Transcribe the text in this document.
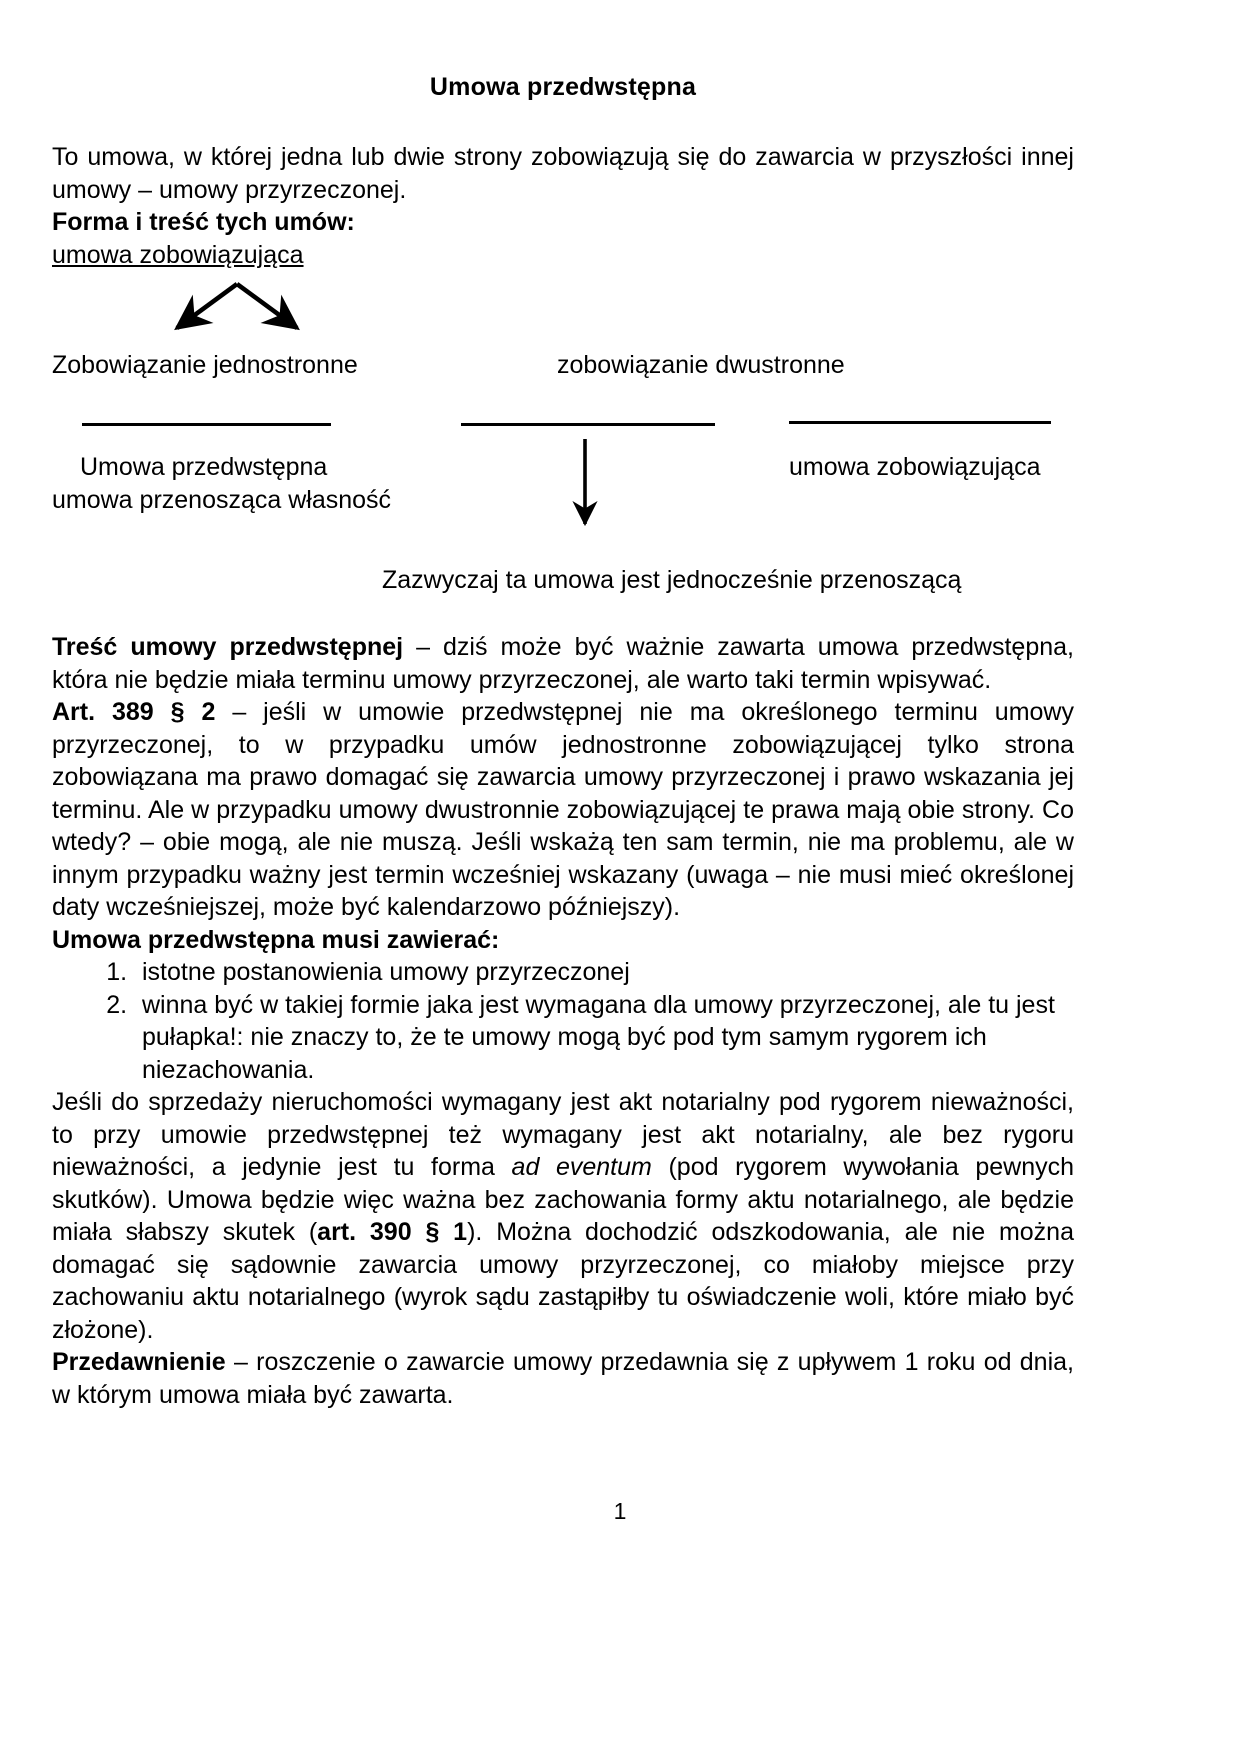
Umowa przedwstępna

To umowa, w której jedna lub dwie strony zobowiązują się do zawarcia w przyszłości innej umowy – umowy przyrzeczonej.

Forma i treść tych umów:

umowa zobowiązująca

Zobowiązanie jednostronne	zobowiązanie dwustronne
Umowa przedwstępna
umowa przenosząca własność
umowa zobowiązująca
Zazwyczaj ta umowa jest jednocześnie przenoszącą

Treść umowy przedwstępnej – dziś może być ważnie zawarta umowa przedwstępna, która nie będzie miała terminu umowy przyrzeczonej, ale warto taki termin wpisywać.

Art. 389 § 2 – jeśli w umowie przedwstępnej nie ma określonego terminu umowy przyrzeczonej, to w przypadku umów jednostronne zobowiązującej tylko strona zobowiązana ma prawo domagać się zawarcia umowy przyrzeczonej i prawo wskazania jej terminu. Ale w przypadku umowy dwustronnie zobowiązującej te prawa mają obie strony. Co wtedy? – obie mogą, ale nie muszą. Jeśli wskażą ten sam termin, nie ma problemu, ale w innym przypadku ważny jest termin wcześniej wskazany (uwaga – nie musi mieć określonej daty wcześniejszej, może być kalendarzowo późniejszy).

Umowa przedwstępna musi zawierać:

1. istotne postanowienia umowy przyrzeczonej
2. winna być w takiej formie jaka jest wymagana dla umowy przyrzeczonej, ale tu jest pułapka!: nie znaczy to, że te umowy mogą być pod tym samym rygorem ich niezachowania.

Jeśli do sprzedaży nieruchomości wymagany jest akt notarialny pod rygorem nieważności, to przy umowie przedwstępnej też wymagany jest akt notarialny, ale bez rygoru nieważności, a jedynie jest tu forma ad eventum (pod rygorem wywołania pewnych skutków). Umowa będzie więc ważna bez zachowania formy aktu notarialnego, ale będzie miała słabszy skutek (art. 390 § 1). Można dochodzić odszkodowania, ale nie można domagać się sądownie zawarcia umowy przyrzeczonej, co miałoby miejsce przy zachowaniu aktu notarialnego (wyrok sądu zastąpiłby tu oświadczenie woli, które miało być złożone).

Przedawnienie – roszczenie o zawarcie umowy przedawnia się z upływem 1 roku od dnia, w którym umowa miała być zawarta.

1
